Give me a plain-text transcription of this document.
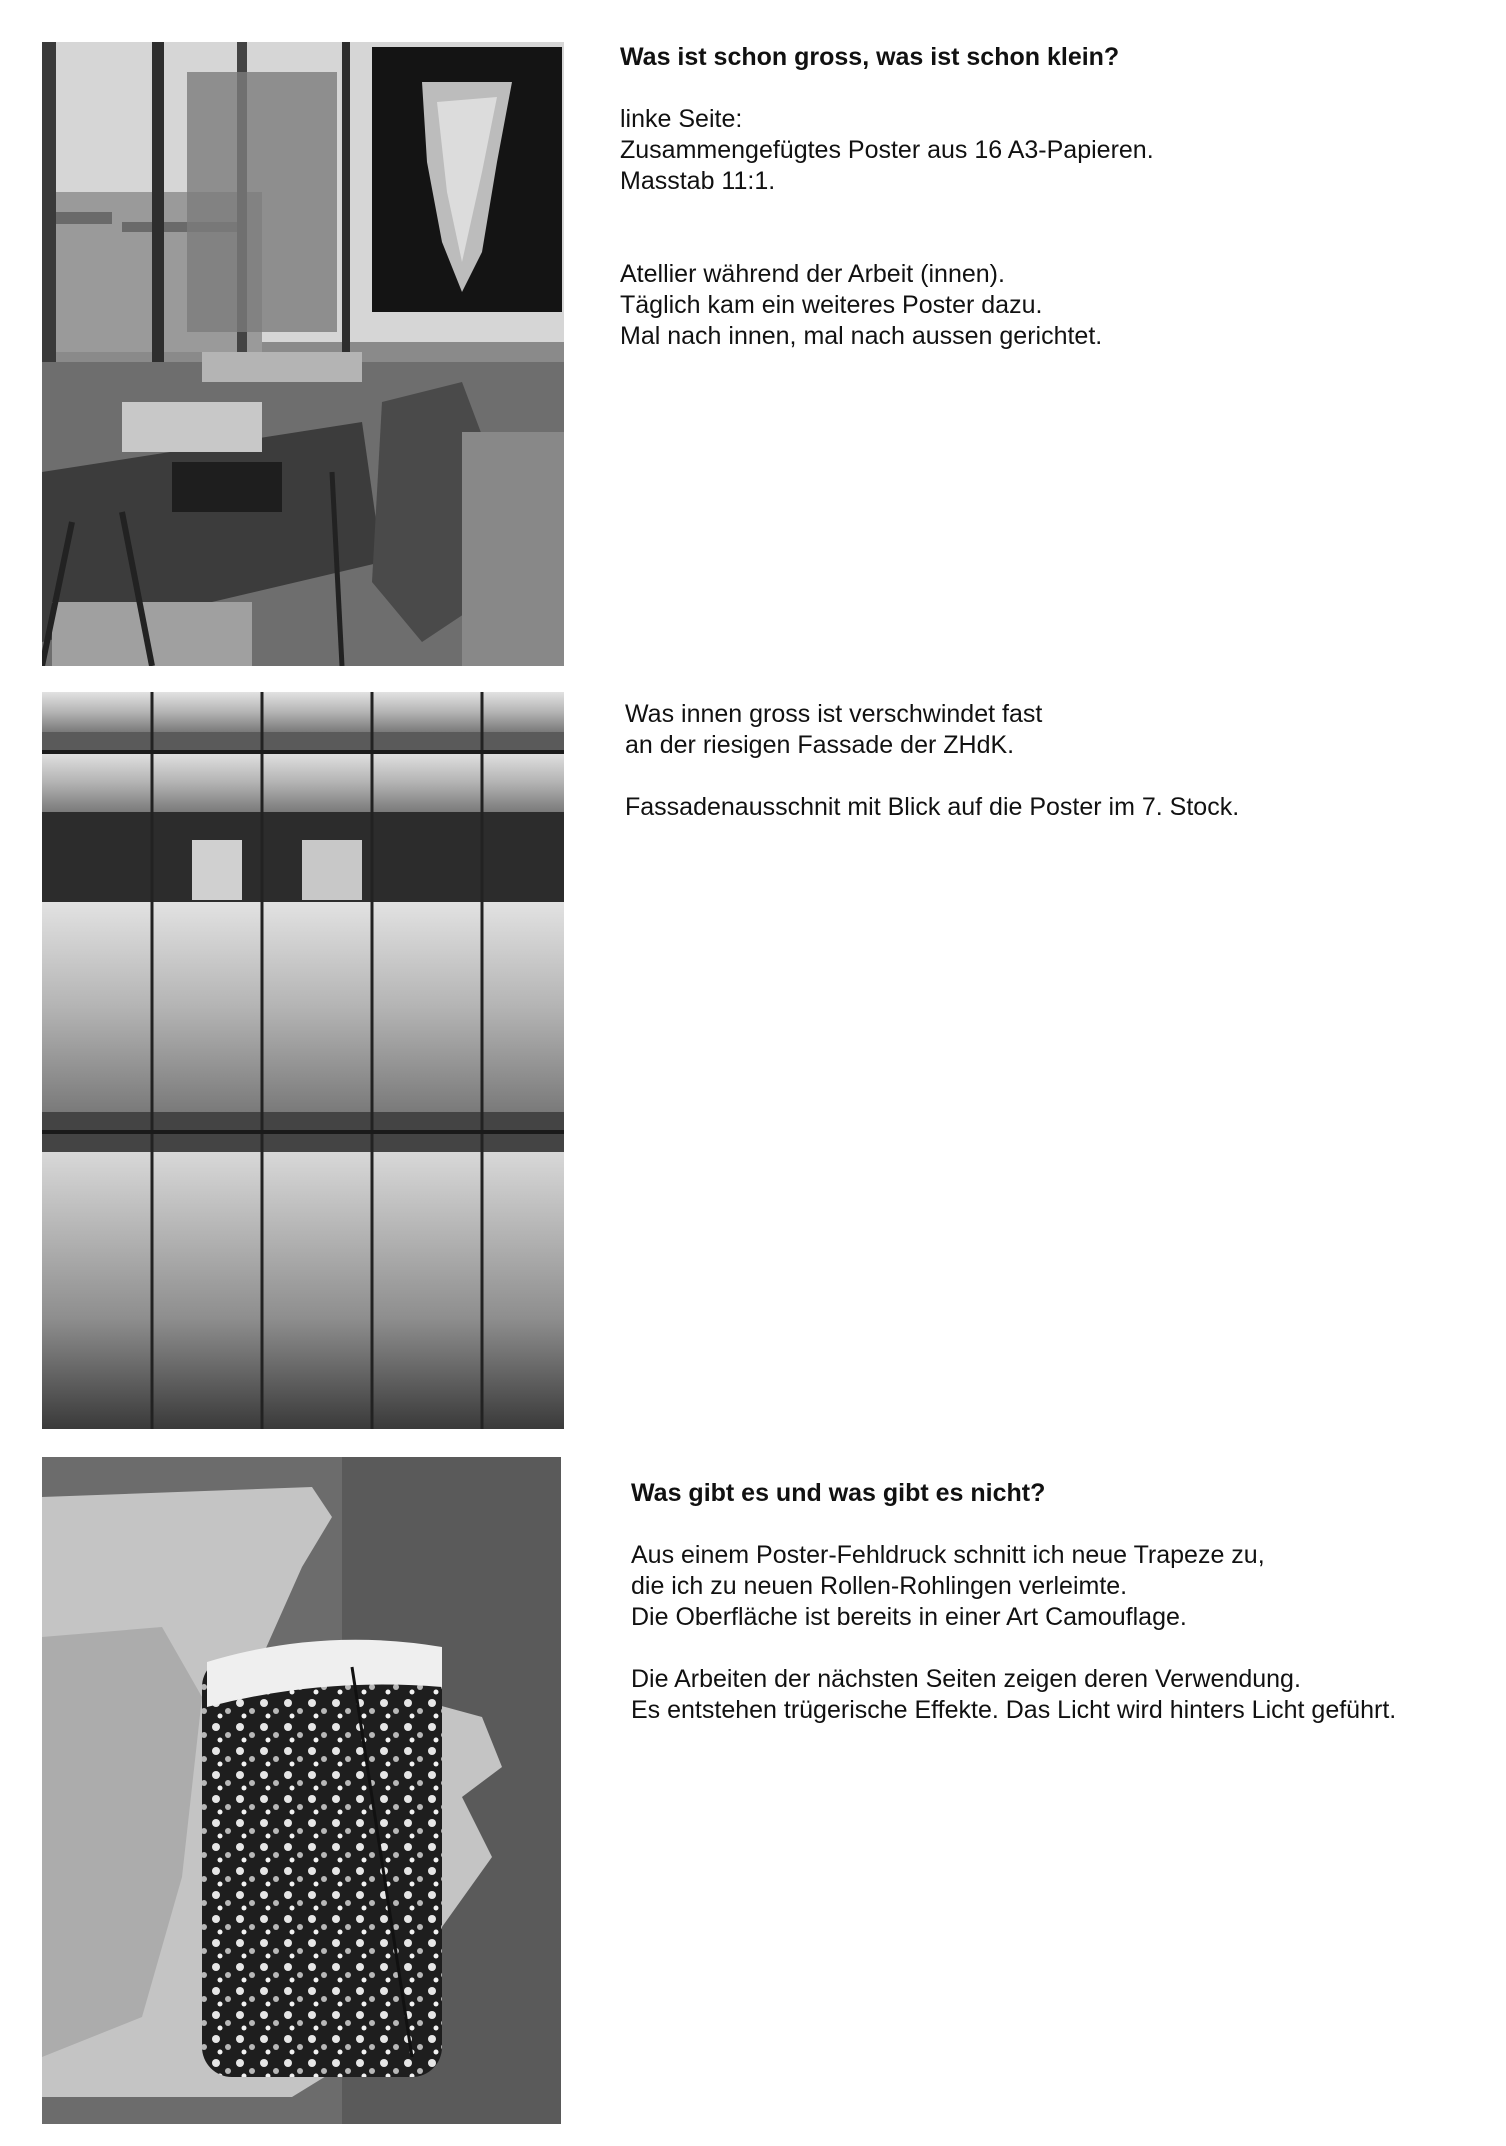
Was ist schon gross, was ist schon klein?

linke Seite:

Zusammengefügtes Poster aus 16 A3-Papieren.

Masstab 11:1.

Atellier während der Arbeit (innen).

Täglich kam ein weiteres Poster dazu.

Mal nach innen, mal nach aussen gerichtet.

Was innen gross ist verschwindet fast

an der riesigen Fassade der ZHdK.

Fassadenausschnit mit Blick auf die Poster im 7. Stock.

Was gibt es und was gibt es nicht?

Aus einem Poster-Fehldruck schnitt ich neue Trapeze zu,

die ich zu neuen Rollen-Rohlingen verleimte.

Die Oberfläche ist bereits in einer Art Camouflage.

Die Arbeiten der nächsten Seiten zeigen deren Verwendung.

Es entstehen trügerische Effekte. Das Licht wird hinters Licht geführt.
